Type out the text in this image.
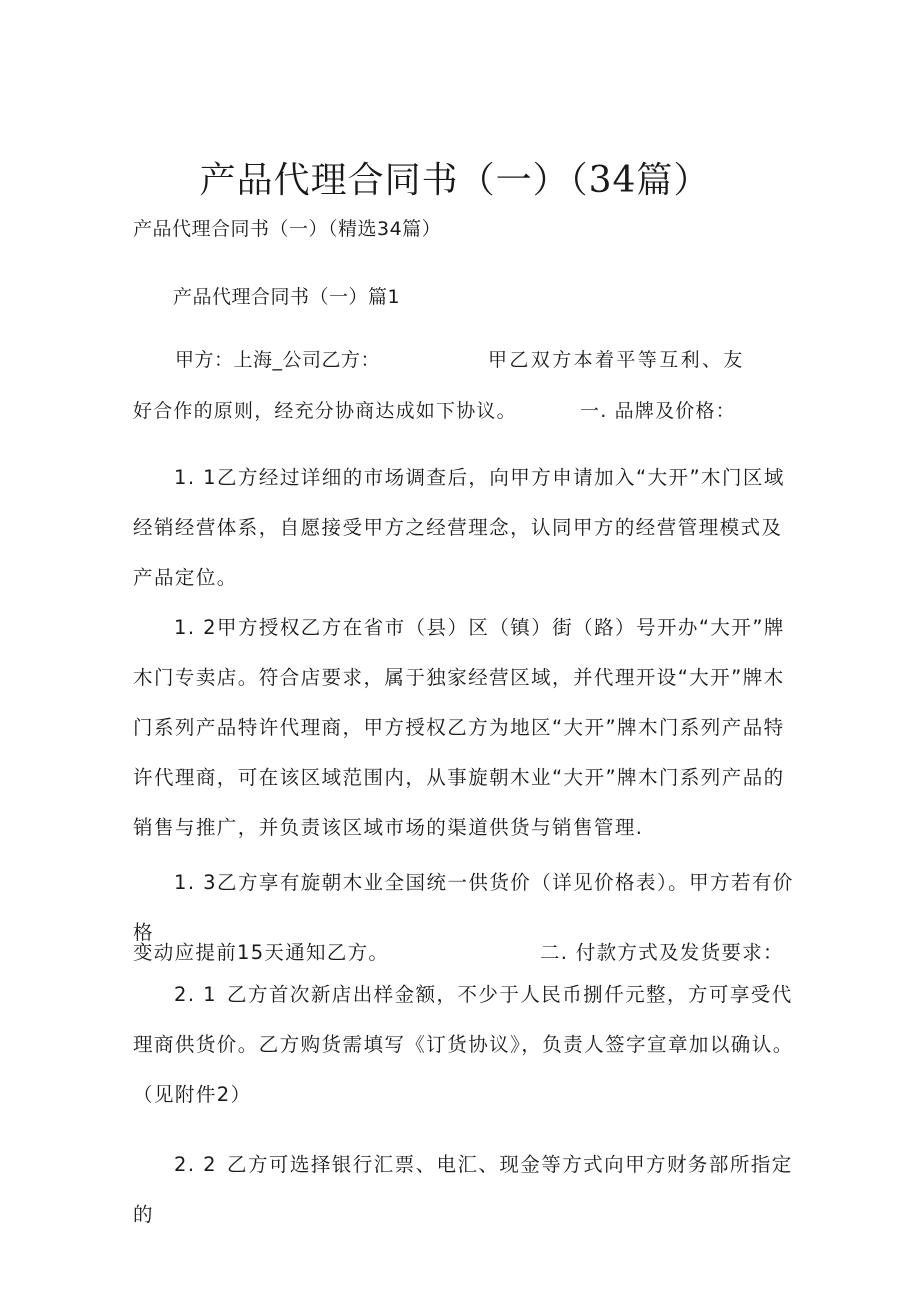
产品代理合同书（一）（34篇）

产品代理合同书（一）（精选34篇）

产品代理合同书（一）篇1

甲方：上海_公司乙方：	甲乙双方本着平等互利、友

好合作的原则，经充分协商达成如下协议。	一. 品牌及价格：

1. 1乙方经过详细的市场调查后，向甲方申请加入“大开”木门区域经销经营体系，自愿接受甲方之经营理念，认同甲方的经营管理模式及产品定位。

1. 2甲方授权乙方在省市（县）区（镇）街（路）号开办“大开”牌木门专卖店。符合店要求，属于独家经营区域，并代理开设“大开”牌木门系列产品特许代理商，甲方授权乙方为地区“大开”牌木门系列产品特许代理商，可在该区域范围内，从事旋朝木业“大开”牌木门系列产品的销售与推广，并负责该区域市场的渠道供货与销售管理.

1. 3乙方享有旋朝木业全国统一供货价（详见价格表）。甲方若有价格

变动应提前15天通知乙方。	二. 付款方式及发货要求：

2. 1 乙方首次新店出样金额，不少于人民币捌仟元整，方可享受代理商供货价。乙方购货需填写《订货协议》，负责人签字宣章加以确认。（见附件2）

2. 2 乙方可选择银行汇票、电汇、现金等方式向甲方财务部所指定的
